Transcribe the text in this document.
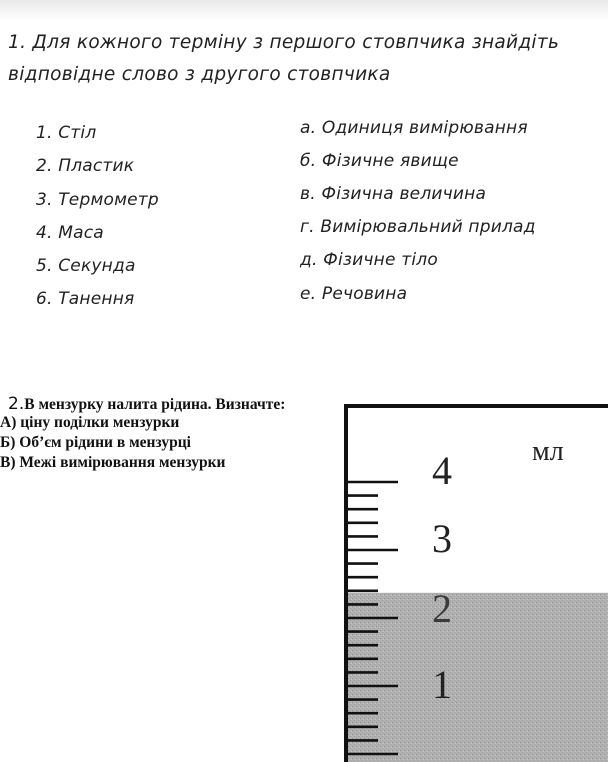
1. Для кожного терміну з першого стовпчика знайдіть
відповідне слово з другого стовпчика
1. Стіл
2. Пластик
3. Термометр
4. Маса
5. Секунда
6. Танення
а. Одиниця вимірювання
б. Фізичне явище
в. Фізична величина
г. Вимірювальний прилад
д. Фізичне тіло
е. Речовина
2.В мензурку налита рідина. Визначте:
А) ціну поділки мензурки
Б) Об’єм рідини в мензурці
В) Межі вимірювання мензурки	мл
4
3
2
1
